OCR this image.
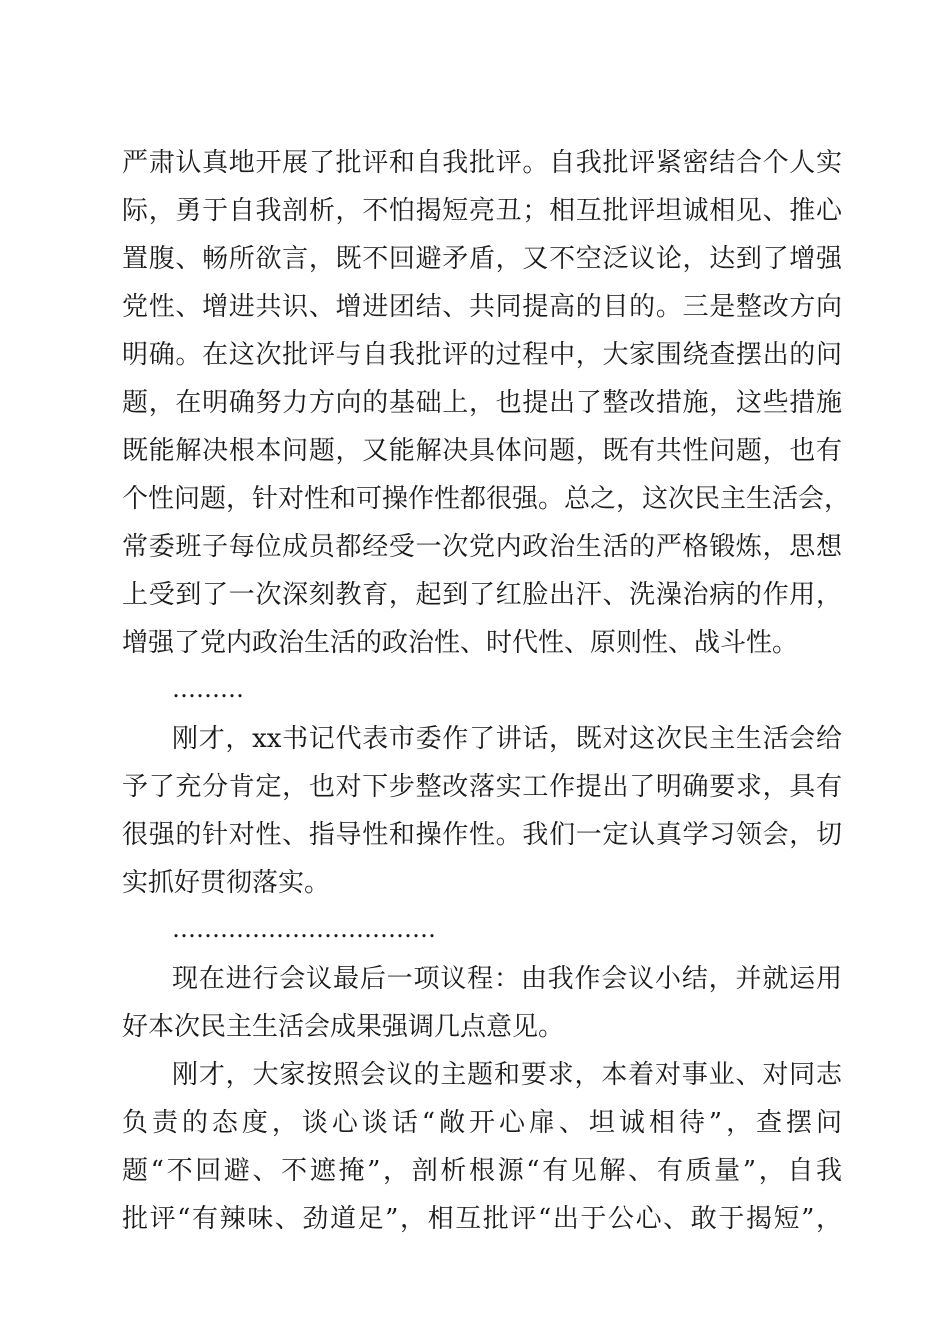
严肃认真地开展了批评和自我批评。自我批评紧密结合个人实
际，勇于自我剖析，不怕揭短亮丑；相互批评坦诚相见、推心
置腹、畅所欲言，既不回避矛盾，又不空泛议论，达到了增强
党性、增进共识、增进团结、共同提高的目的。三是整改方向
明确。在这次批评与自我批评的过程中，大家围绕查摆出的问
题，在明确努力方向的基础上，也提出了整改措施，这些措施
既能解决根本问题，又能解决具体问题，既有共性问题，也有
个性问题，针对性和可操作性都很强。总之，这次民主生活会，
常委班子每位成员都经受一次党内政治生活的严格锻炼，思想
上受到了一次深刻教育，起到了红脸出汗、洗澡治病的作用，
增强了党内政治生活的政治性、时代性、原则性、战斗性。
………
刚才，xx书记代表市委作了讲话，既对这次民主生活会给
予了充分肯定，也对下步整改落实工作提出了明确要求，具有
很强的针对性、指导性和操作性。我们一定认真学习领会，切
实抓好贯彻落实。
……………………………
现在进行会议最后一项议程：由我作会议小结，并就运用
好本次民主生活会成果强调几点意见。
刚才，大家按照会议的主题和要求，本着对事业、对同志
负责的态度，谈心谈话“敞开心扉、坦诚相待”，查摆问
题“不回避、不遮掩”，剖析根源“有见解、有质量”，自我
批评“有辣味、劲道足”，相互批评“出于公心、敢于揭短”，
